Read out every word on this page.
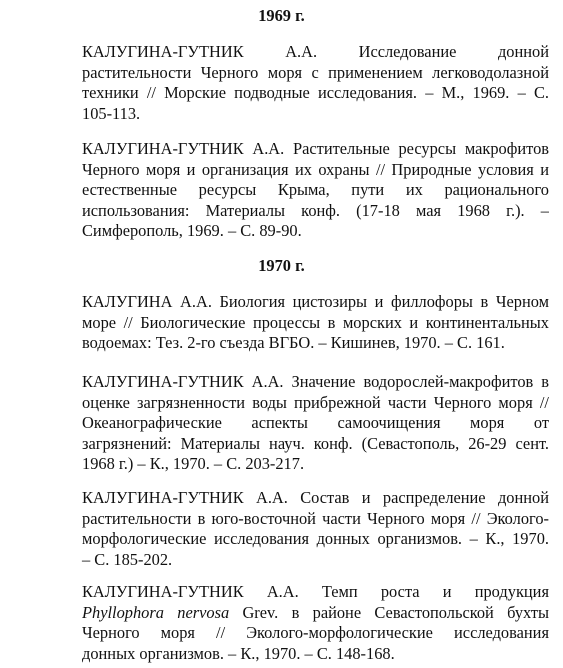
1969 г.
КАЛУГИНА-ГУТНИК А.А. Исследование донной
растительности Черного моря с применением легководолазной
техники // Морские подводные исследования. – М., 1969. – С.
105-113.
КАЛУГИНА-ГУТНИК А.А. Растительные ресурсы макрофитов
Черного моря и организация их охраны // Природные условия и
естественные ресурсы Крыма, пути их рационального
использования: Материалы конф. (17-18 мая 1968 г.). –
Симферополь, 1969. – С. 89-90.
1970 г.
КАЛУГИНА А.А. Биология цистозиры и филлофоры в Черном
море // Биологические процессы в морских и континентальных
водоемах: Тез. 2-го съезда ВГБО. – Кишинев, 1970. – С. 161.
КАЛУГИНА-ГУТНИК А.А. Значение водорослей-макрофитов в
оценке загрязненности воды прибрежной части Черного моря //
Океанографические аспекты самоочищения моря от
загрязнений: Материалы науч. конф. (Севастополь, 26-29 сент.
1968 г.) – К., 1970. – С. 203-217.
КАЛУГИНА-ГУТНИК А.А. Состав и распределение донной
растительности в юго-восточной части Черного моря // Эколого-
морфологические исследования донных организмов. – К., 1970.
– С. 185-202.
КАЛУГИНА-ГУТНИК А.А. Темп роста и продукция
Phyllophora nervosa Grev. в районе Севастопольской бухты
Черного моря // Эколого-морфологические исследования
донных организмов. – К., 1970. – С. 148-168.
